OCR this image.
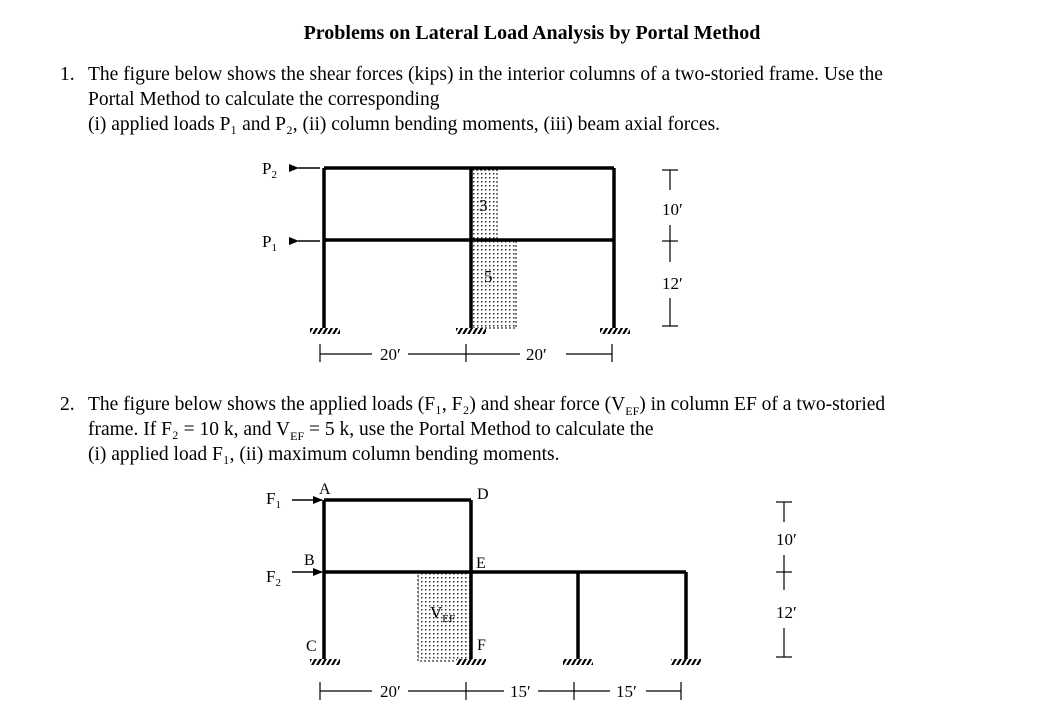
Problems on Lateral Load Analysis by Portal Method
1. The figure below shows the shear forces (kips) in the interior columns of a two-storied frame. Use the
Portal Method to calculate the corresponding
(i) applied loads P₁ and P₂, (ii) column bending moments, (iii) beam axial forces.
2. The figure below shows the applied loads (F₁, F₂) and shear force $(V_{EF})$ in column EF of a two-storied
frame. If F₂ = 10 k, and $V_{EF} = 5$ k, use the Portal Method to calculate the
(i) applied load F₁, (ii) maximum column bending moments.
$P_2$
$P_1$
3
5
10′
12′
20′	20′
$F_1$
$F_2$
A	D
B	E
C	F
$V_{EF}$
10′
12′
20′	15′	15′
